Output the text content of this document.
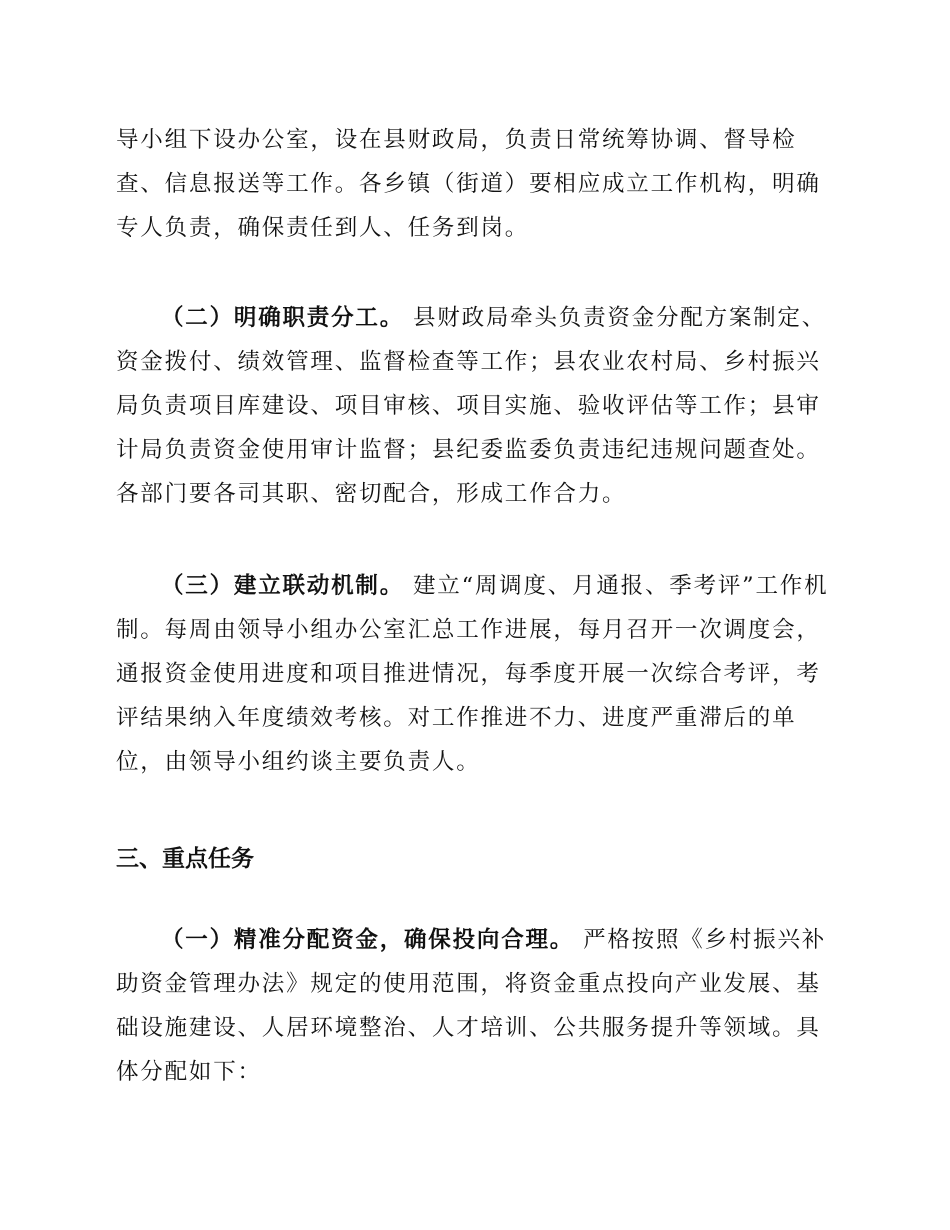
导小组下设办公室，设在县财政局，负责日常统筹协调、督导检查、信息报送等工作。各乡镇（街道）要相应成立工作机构，明确专人负责，确保责任到人、任务到岗。

（二）明确职责分工。 县财政局牵头负责资金分配方案制定、资金拨付、绩效管理、监督检查等工作；县农业农村局、乡村振兴局负责项目库建设、项目审核、项目实施、验收评估等工作；县审计局负责资金使用审计监督；县纪委监委负责违纪违规问题查处。各部门要各司其职、密切配合，形成工作合力。

（三）建立联动机制。 建立“周调度、月通报、季考评”工作机制。每周由领导小组办公室汇总工作进展，每月召开一次调度会，通报资金使用进度和项目推进情况，每季度开展一次综合考评，考评结果纳入年度绩效考核。对工作推进不力、进度严重滞后的单位，由领导小组约谈主要负责人。

三、重点任务

（一）精准分配资金，确保投向合理。 严格按照《乡村振兴补助资金管理办法》规定的使用范围，将资金重点投向产业发展、基础设施建设、人居环境整治、人才培训、公共服务提升等领域。具体分配如下：
